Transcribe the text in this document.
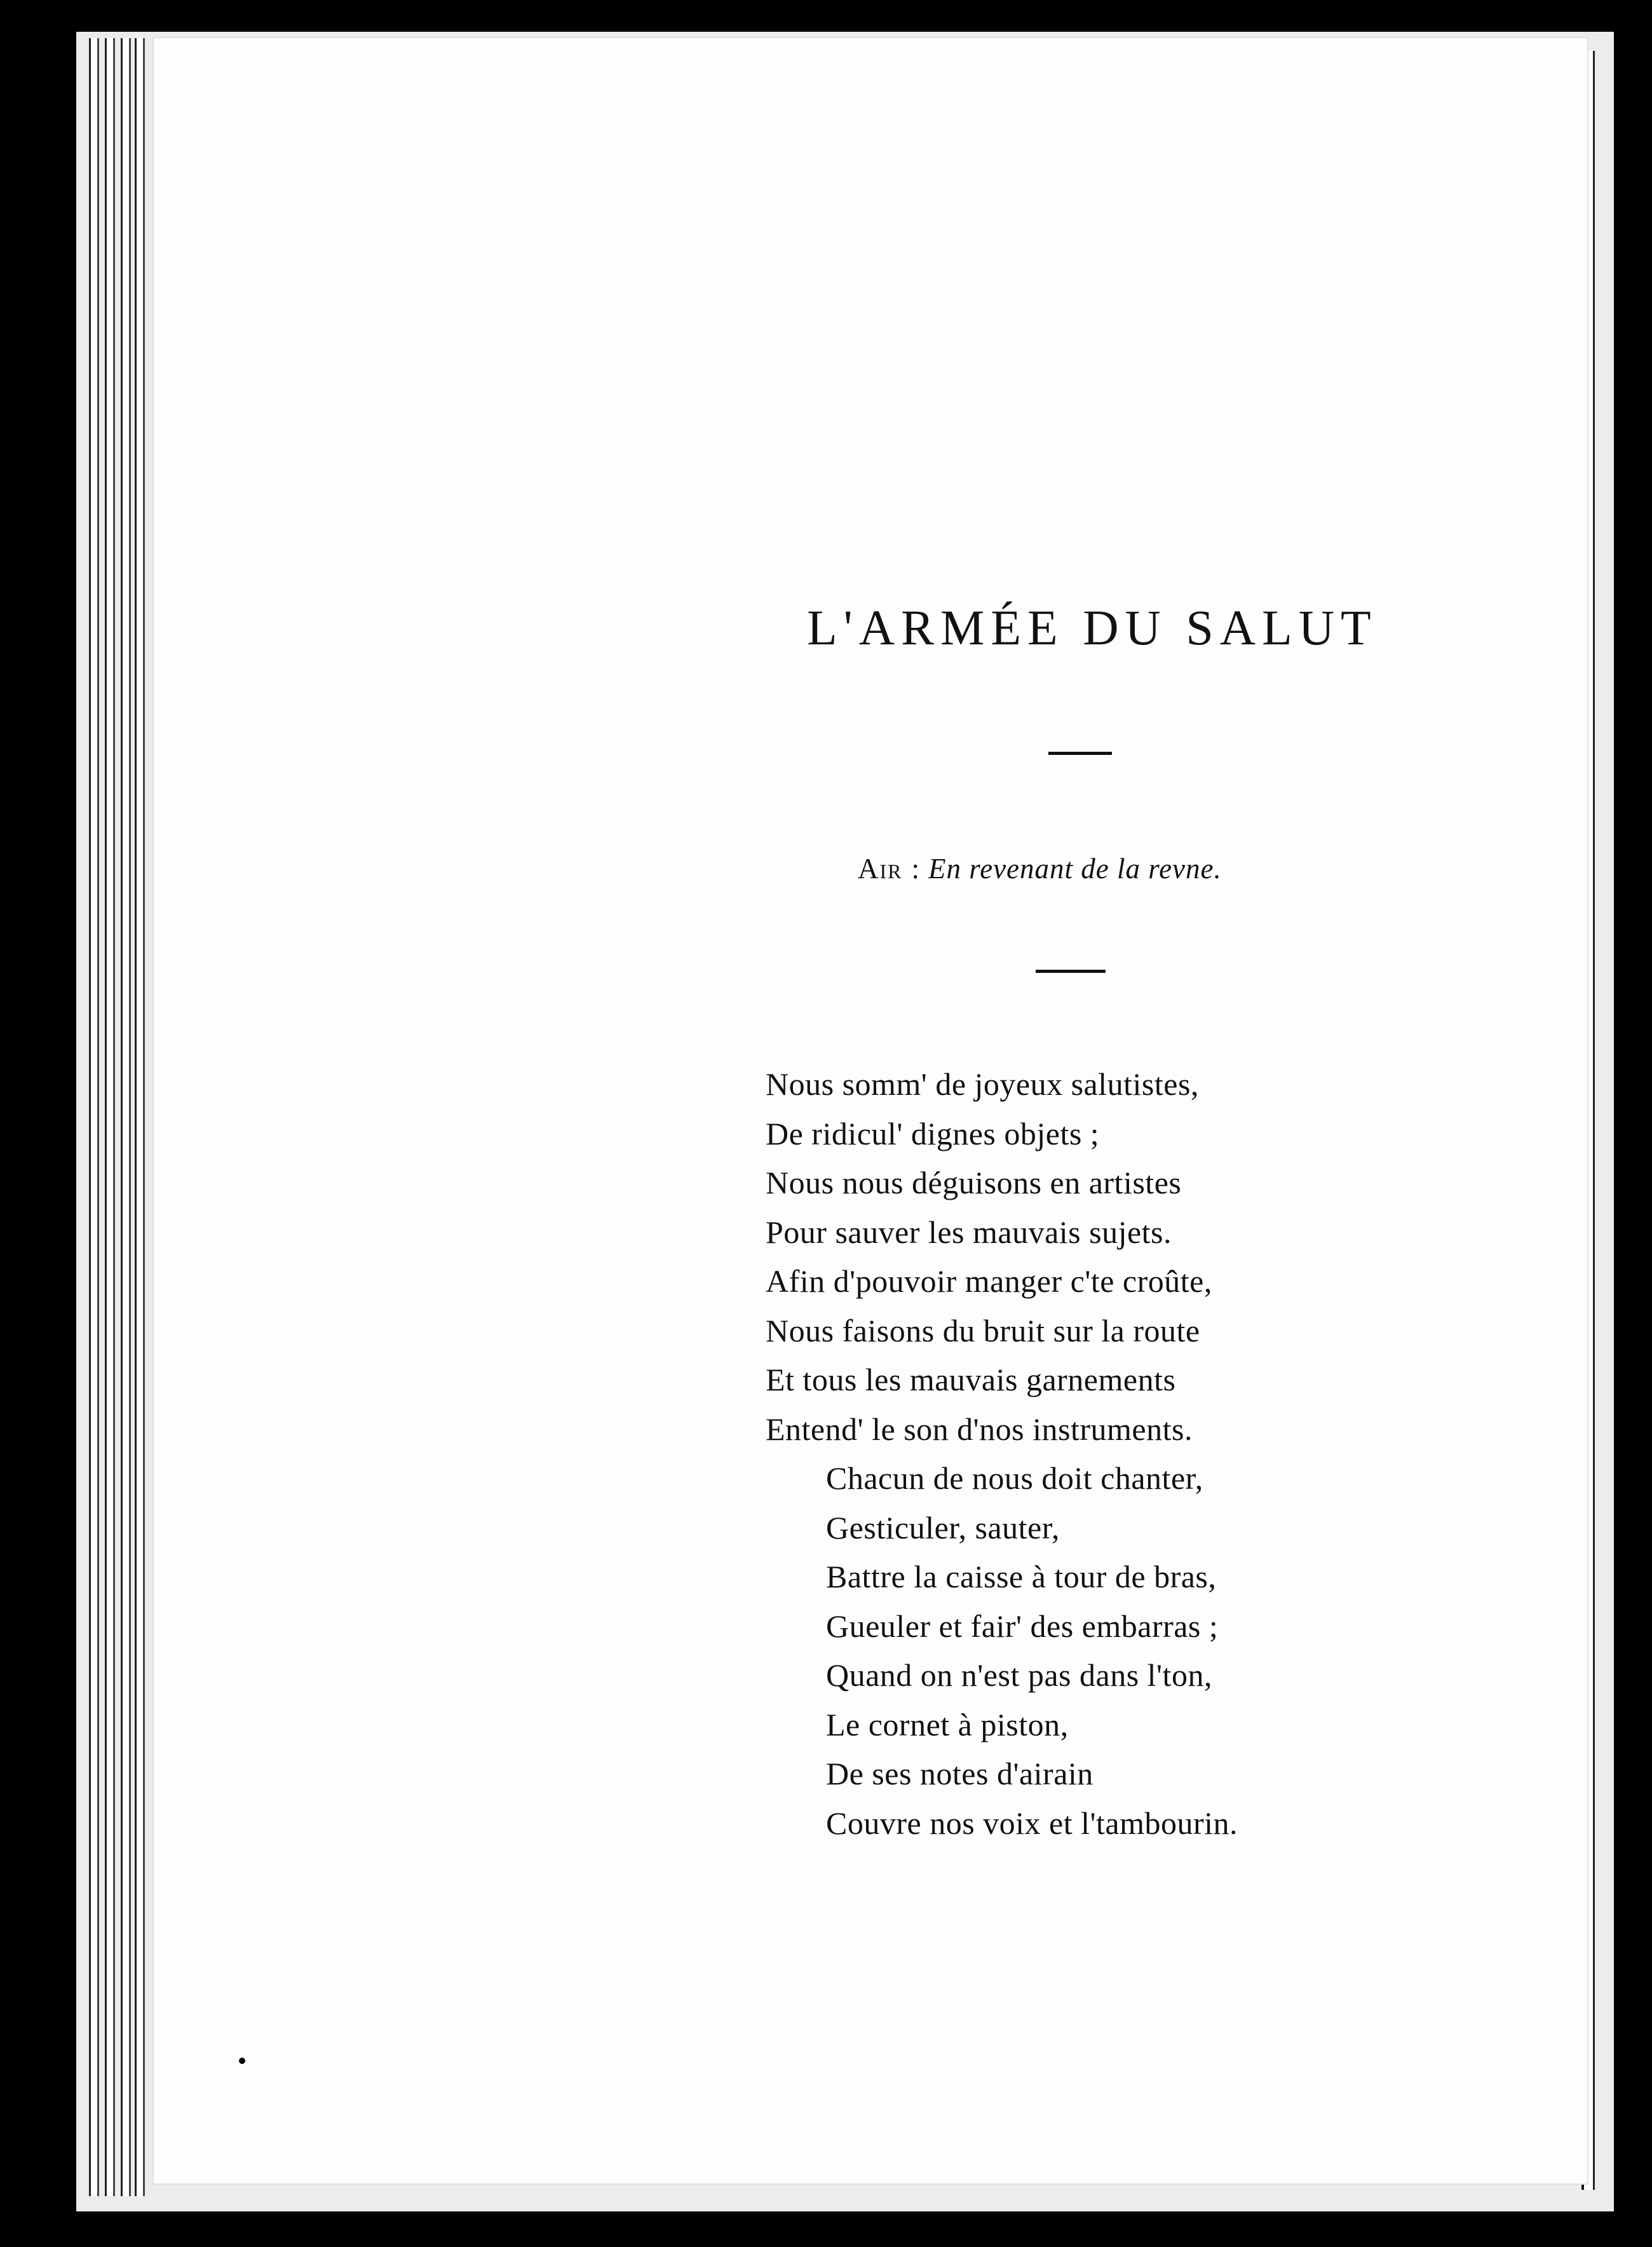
L'ARMÉE DU SALUT
Air : En revenant de la revne.
Nous somm' de joyeux salutistes,
De ridicul' dignes objets ;
Nous nous déguisons en artistes
Pour sauver les mauvais sujets.
Afin d'pouvoir manger c'te croûte,
Nous faisons du bruit sur la route
Et tous les mauvais garnements
Entend' le son d'nos instruments.
Chacun de nous doit chanter,
Gesticuler, sauter,
Battre la caisse à tour de bras,
Gueuler et fair' des embarras ;
Quand on n'est pas dans l'ton,
Le cornet à piston,
De ses notes d'airain
Couvre nos voix et l'tambourin.
